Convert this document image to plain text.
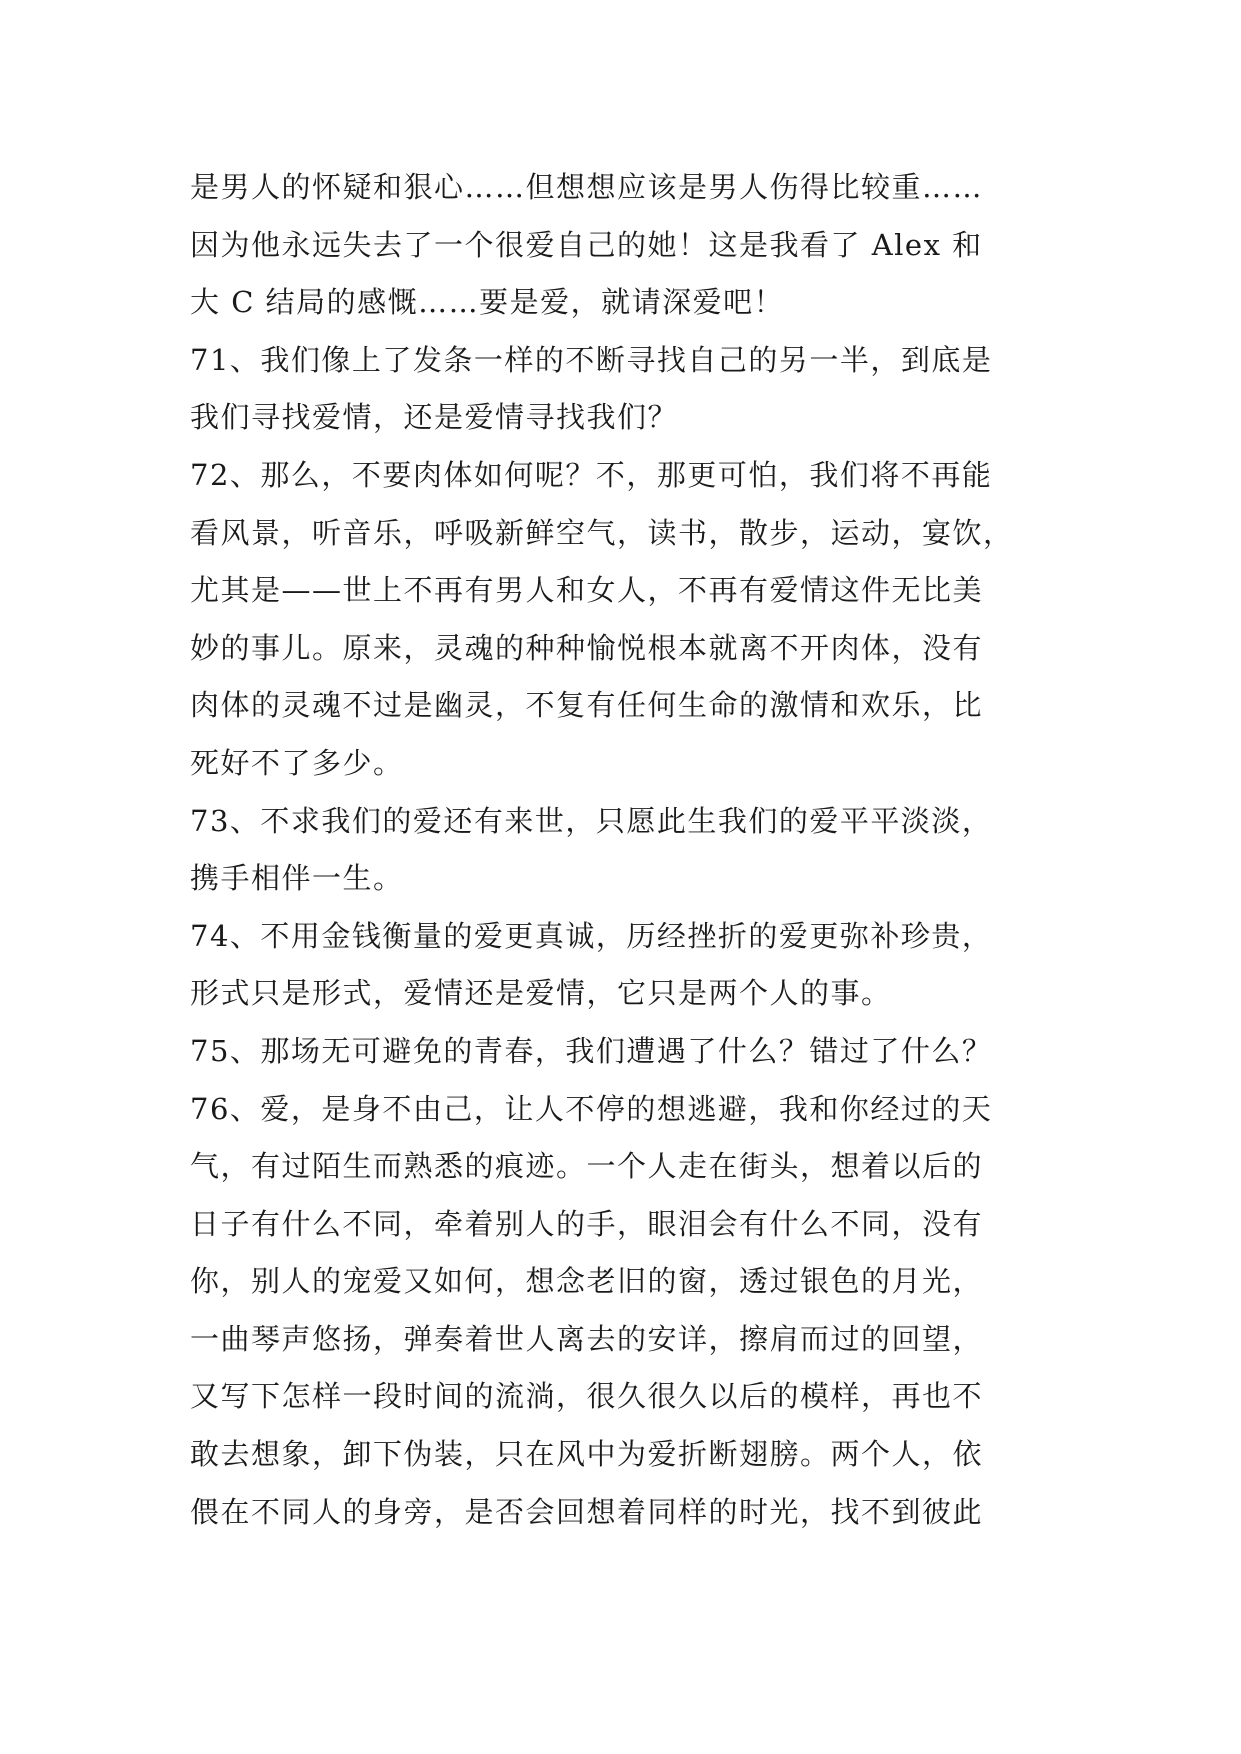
是男人的怀疑和狠心……但想想应该是男人伤得比较重……
因为他永远失去了一个很爱自己的她！这是我看了 Alex 和
大 C 结局的感慨……要是爱，就请深爱吧！
71、我们像上了发条一样的不断寻找自己的另一半，到底是
我们寻找爱情，还是爱情寻找我们？
72、那么，不要肉体如何呢？不，那更可怕，我们将不再能
看风景，听音乐，呼吸新鲜空气，读书，散步，运动，宴饮，
尤其是——世上不再有男人和女人，不再有爱情这件无比美
妙的事儿。原来，灵魂的种种愉悦根本就离不开肉体，没有
肉体的灵魂不过是幽灵，不复有任何生命的激情和欢乐，比
死好不了多少。
73、不求我们的爱还有来世，只愿此生我们的爱平平淡淡，
携手相伴一生。
74、不用金钱衡量的爱更真诚，历经挫折的爱更弥补珍贵，
形式只是形式，爱情还是爱情，它只是两个人的事。
75、那场无可避免的青春，我们遭遇了什么？错过了什么？
76、爱，是身不由己，让人不停的想逃避，我和你经过的天
气，有过陌生而熟悉的痕迹。一个人走在街头，想着以后的
日子有什么不同，牵着别人的手，眼泪会有什么不同，没有
你，别人的宠爱又如何，想念老旧的窗，透过银色的月光，
一曲琴声悠扬，弹奏着世人离去的安详，擦肩而过的回望，
又写下怎样一段时间的流淌，很久很久以后的模样，再也不
敢去想象，卸下伪装，只在风中为爱折断翅膀。两个人，依
偎在不同人的身旁，是否会回想着同样的时光，找不到彼此
